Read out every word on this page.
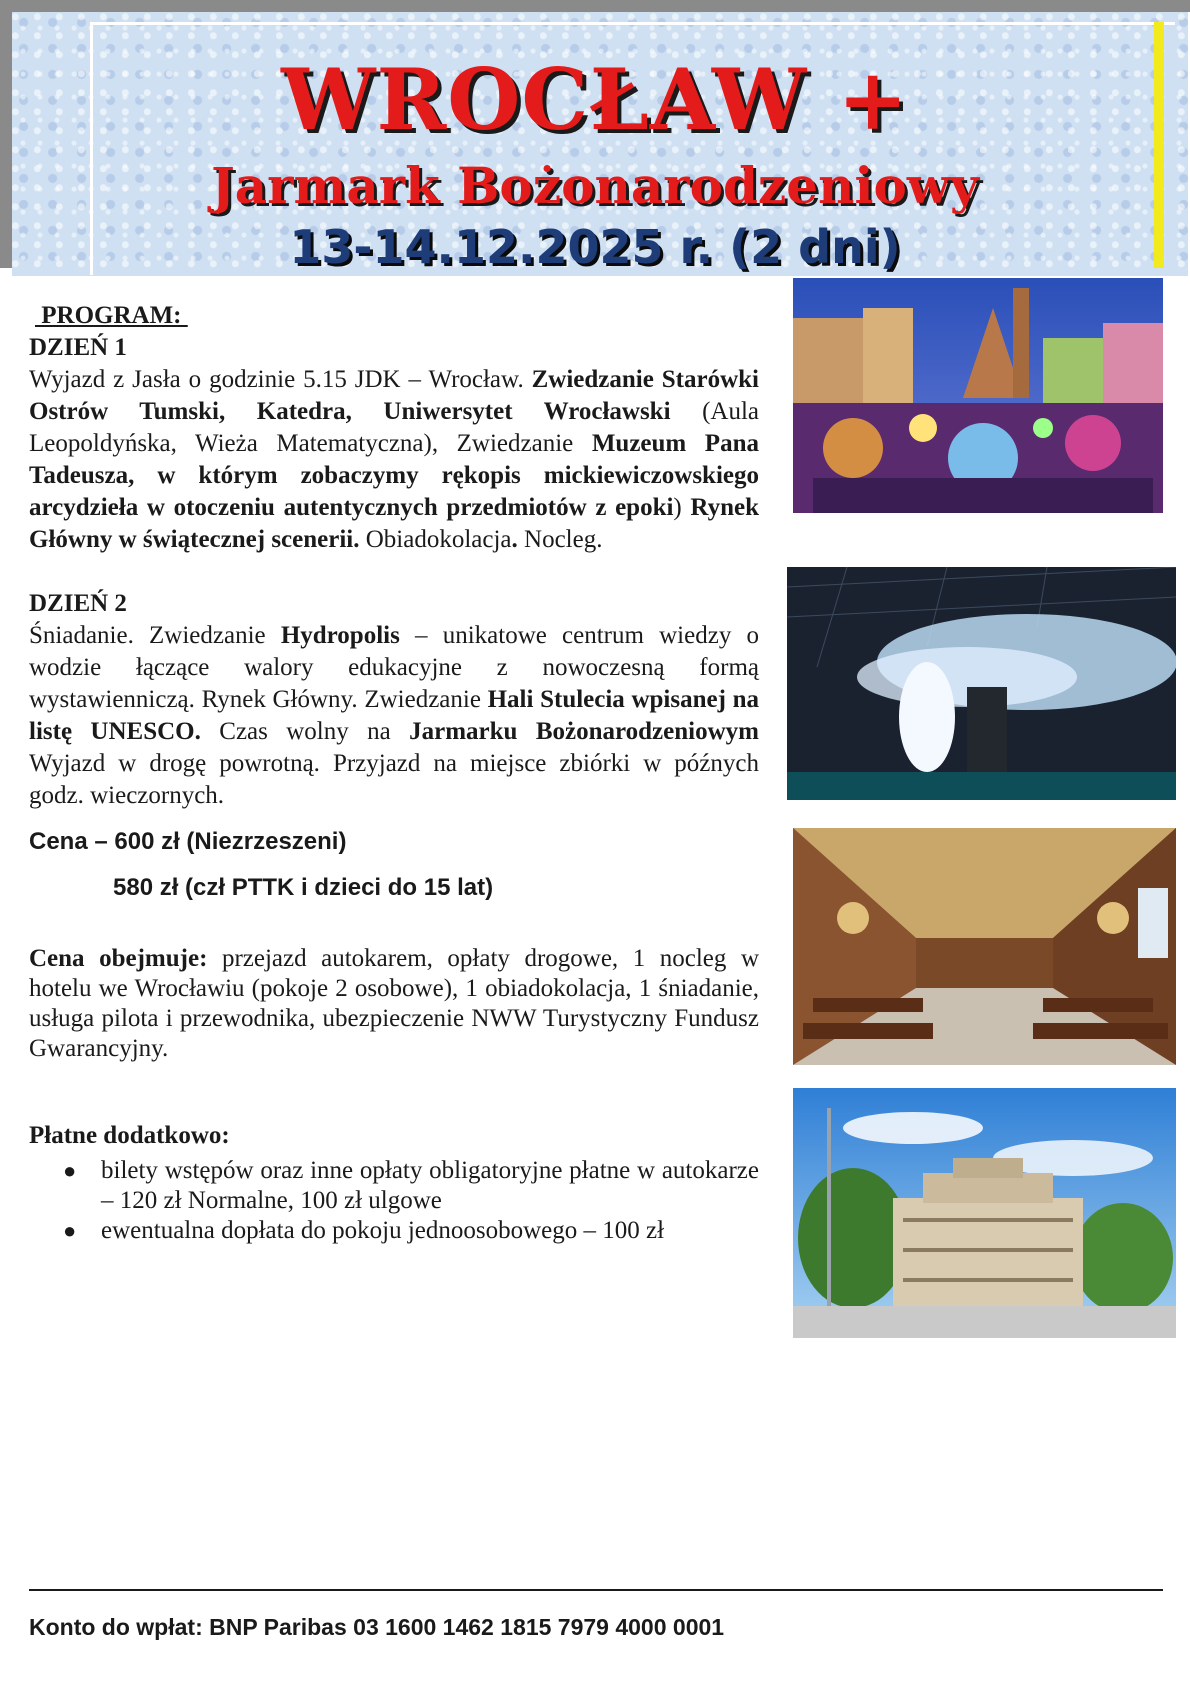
WROCŁAW +
Jarmark Bożonarodzeniowy
13-14.12.2025 r. (2 dni)

PROGRAM:

DZIEŃ 1

Wyjazd z Jasła o godzinie 5.15 JDK – Wrocław. Zwiedzanie Starówki Ostrów Tumski, Katedra, Uniwersytet Wrocławski (Aula Leopoldyńska, Wieża Matematyczna), Zwiedzanie Muzeum Pana Tadeusza, w którym zobaczymy rękopis mickiewiczowskiego arcydzieła w otoczeniu autentycznych przedmiotów z epoki) Rynek Główny w świątecznej scenerii. Obiadokolacja. Nocleg.

DZIEŃ 2

Śniadanie. Zwiedzanie Hydropolis – unikatowe centrum wiedzy o wodzie łączące walory edukacyjne z nowoczesną formą wystawienniczą. Rynek Główny. Zwiedzanie Hali Stulecia wpisanej na listę UNESCO. Czas wolny na Jarmarku Bożonarodzeniowym Wyjazd w drogę powrotną. Przyjazd na miejsce zbiórki w późnych godz. wieczornych.

Cena – 600 zł (Niezrzeszeni)

580 zł (czł PTTK i dzieci do 15 lat)

Cena obejmuje: przejazd autokarem, opłaty drogowe, 1 nocleg w hotelu we Wrocławiu (pokoje 2 osobowe), 1 obiadokolacja, 1 śniadanie, usługa pilota i przewodnika, ubezpieczenie NWW Turystyczny Fundusz Gwarancyjny.

Płatne dodatkowo:

● bilety wstępów oraz inne opłaty obligatoryjne płatne w autokarze – 120 zł Normalne, 100 zł ulgowe
● ewentualna dopłata do pokoju jednoosobowego – 100 zł
Konto do wpłat: BNP Paribas 03 1600 1462 1815 7979 4000 0001
